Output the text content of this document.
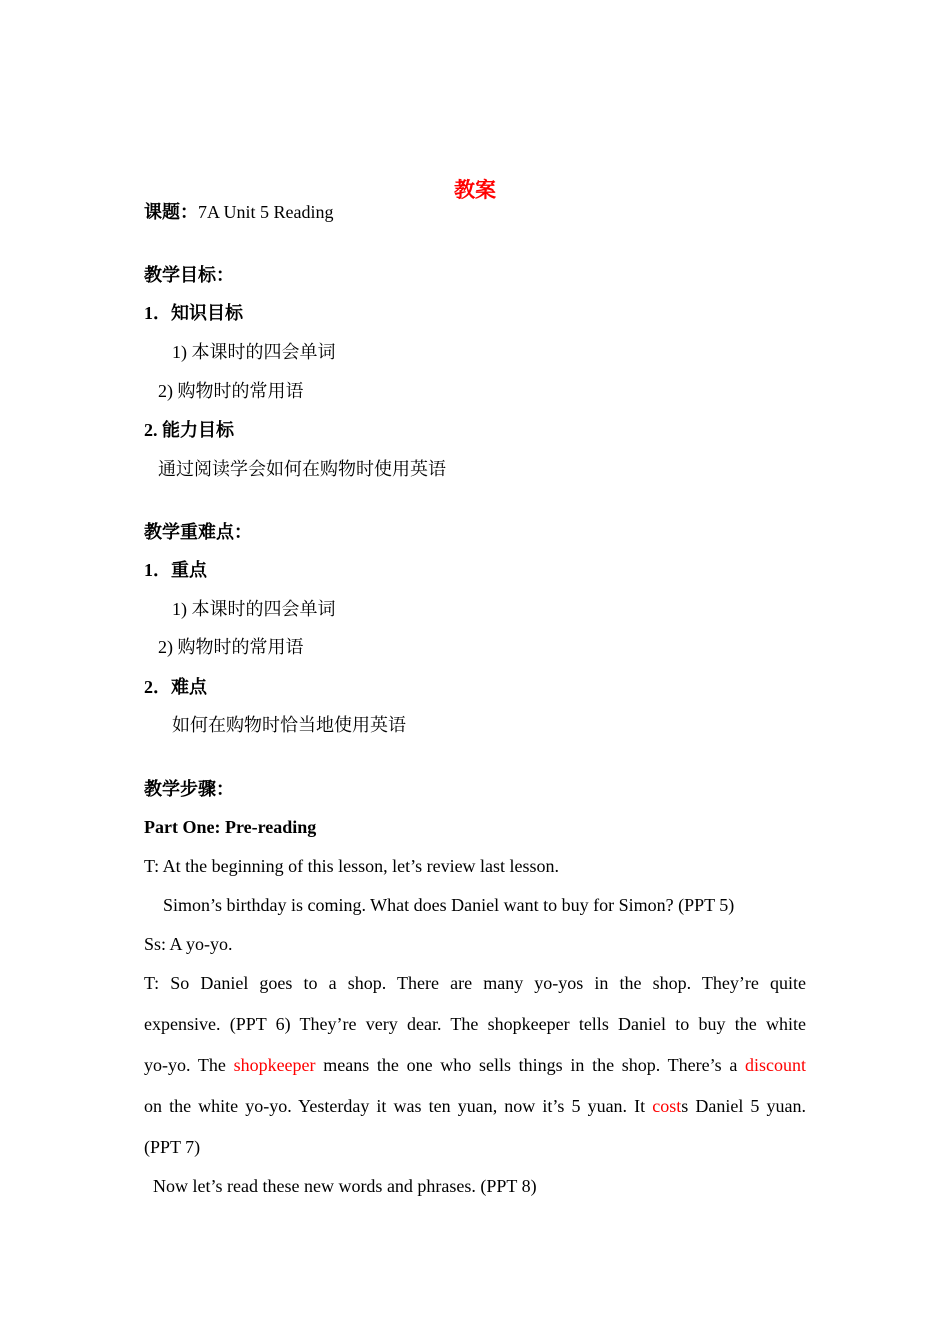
教案
课题：7A Unit 5 Reading
教学目标：
1．知识目标
1) 本课时的四会单词
2) 购物时的常用语
2. 能力目标
通过阅读学会如何在购物时使用英语
教学重难点：
1．重点
1) 本课时的四会单词
2) 购物时的常用语
2．难点
如何在购物时恰当地使用英语
教学步骤：
Part One: Pre-reading
T: At the beginning of this lesson, let’s review last lesson.
Simon’s birthday is coming. What does Daniel want to buy for Simon? (PPT 5)
Ss: A yo-yo.
T: So Daniel goes to a shop. There are many yo-yos in the shop. They’re quite
expensive. (PPT 6) They’re very dear. The shopkeeper tells Daniel to buy the white
yo-yo. The shopkeeper means the one who sells things in the shop. There’s a discount
on the white yo-yo. Yesterday it was ten yuan, now it’s 5 yuan. It costs Daniel 5 yuan.
(PPT 7)
Now let’s read these new words and phrases. (PPT 8)
